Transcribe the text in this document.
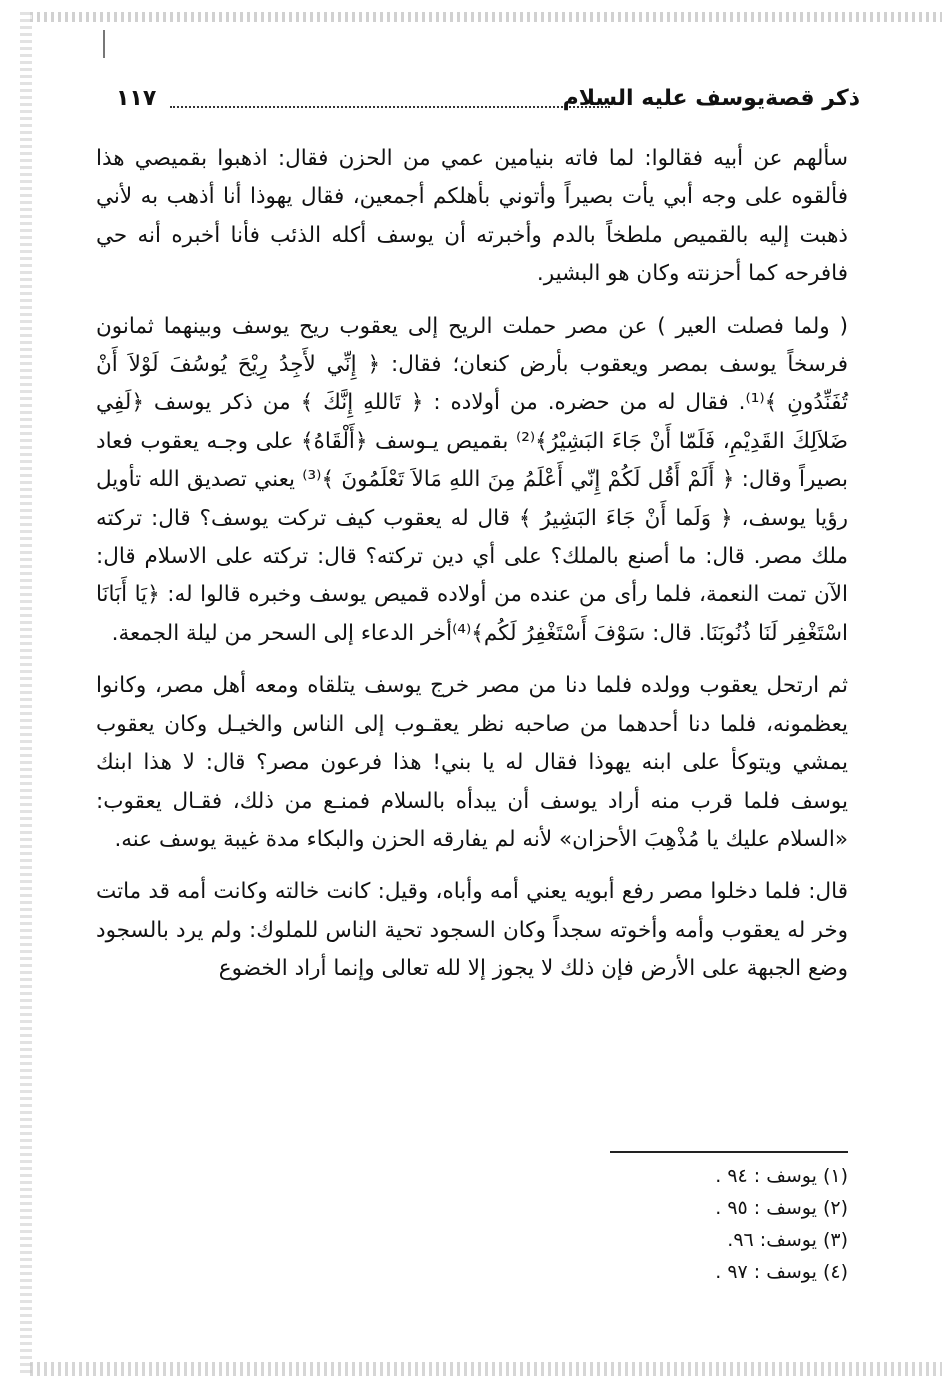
١١٧	ذكر قصةيوسف عليه السلام

سألهم عن أبيه فقالوا: لما فاته بنيامين عمي من الحزن فقال: اذهبوا بقميصي هذا فألقوه على وجه أبي يأت بصيراً وأتوني بأهلكم أجمعين، فقال يهوذا أنا أذهب به لأني ذهبت إليه بالقميص ملطخاً بالدم وأخبرته أن يوسف أكله الذئب فأنا أخبره أنه حي فافرحه كما أحزنته وكان هو البشير.

( ولما فصلت العير ) عن مصر حملت الريح إلى يعقوب ريح يوسف وبينهما ثمانون فرسخاً يوسف بمصر ويعقوب بأرض كنعان؛ فقال: ﴿ إِنِّي لأَجِدُ رِيْحَ يُوسُفَ لَوْلاَ أَنْ تُفَنِّدُونِ ﴾⁽¹⁾. فقال له من حضره. من أولاده : ﴿ تَاللهِ إِنَّكَ ﴾ من ذكر يوسف ﴿لَفِي ضَلاَلِكَ القَدِيْمِ، فَلَمّا أَنْ جَاءَ البَشِيْرُ﴾⁽²⁾ بقميص يـوسف ﴿أَلْقَاهُ﴾ على وجـه يعقوب فعاد بصيراً وقال: ﴿ أَلَمْ أَقُل لَكُمْ إِنّي أَعْلَمُ مِنَ اللهِ مَالاَ تَعْلَمُونَ ﴾⁽³⁾ يعني تصديق الله تأويل رؤيا يوسف، ﴿ وَلَما أَنْ جَاءَ البَشِيرُ ﴾ قال له يعقوب كيف تركت يوسف؟ قال: تركته ملك مصر. قال: ما أصنع بالملك؟ على أي دين تركته؟ قال: تركته على الاسلام قال: الآن تمت النعمة، فلما رأى من عنده من أولاده قميص يوسف وخبره قالوا له: ﴿يَا أَبَانَا اسْتَغْفِر لَنَا ذُنُوبَنَا. قال: سَوْفَ أَسْتَغْفِرُ لَكُم﴾⁽⁴⁾أخر الدعاء إلى السحر من ليلة الجمعة.

ثم ارتحل يعقوب وولده فلما دنا من مصر خرج يوسف يتلقاه ومعه أهل مصر، وكانوا يعظمونه، فلما دنا أحدهما من صاحبه نظر يعقـوب إلى الناس والخيـل وكان يعقوب يمشي ويتوكأ على ابنه يهوذا فقال له يا بني! هذا فرعون مصر؟ قال: لا هذا ابنك يوسف فلما قرب منه أراد يوسف أن يبدأه بالسلام فمنـع من ذلك، فقـال يعقوب: «السلام عليك يا مُذْهِبَ الأحزان» لأنه لم يفارقه الحزن والبكاء مدة غيبة يوسف عنه.

قال: فلما دخلوا مصر رفع أبويه يعني أمه وأباه، وقيل: كانت خالته وكانت أمه قد ماتت وخر له يعقوب وأمه وأخوته سجداً وكان السجود تحية الناس للملوك: ولم يرد بالسجود وضع الجبهة على الأرض فإن ذلك لا يجوز إلا لله تعالى وإنما أراد الخضوع

(١) يوسف : ٩٤ .

(٢) يوسف : ٩٥ .

(٣) يوسف: ٩٦.

(٤) يوسف : ٩٧ .
